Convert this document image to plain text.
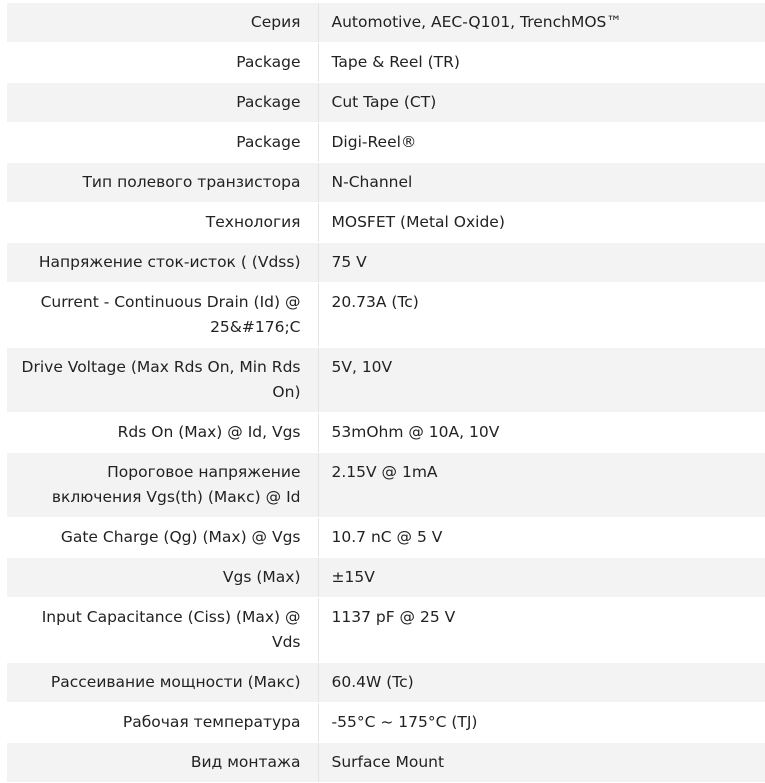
Серия	Automotive, AEC-Q101, TrenchMOS™
Package	Tape & Reel (TR)
Package	Cut Tape (CT)
Package	Digi-Reel®
Тип полевого транзистора	N-Channel
Технология	MOSFET (Metal Oxide)
Напряжение сток-исток ( (Vdss)	75 V
Current - Continuous Drain (Id) @ 25&#176;C	20.73A (Tc)
Drive Voltage (Max Rds On, Min Rds On)	5V, 10V
Rds On (Max) @ Id, Vgs	53mOhm @ 10A, 10V
Пороговое напряжение включения Vgs(th) (Макс) @ Id	2.15V @ 1mA
Gate Charge (Qg) (Max) @ Vgs	10.7 nC @ 5 V
Vgs (Max)	±15V
Input Capacitance (Ciss) (Max) @ Vds	1137 pF @ 25 V
Рассеивание мощности (Макс)	60.4W (Tc)
Рабочая температура	-55°C ~ 175°C (TJ)
Вид монтажа	Surface Mount
